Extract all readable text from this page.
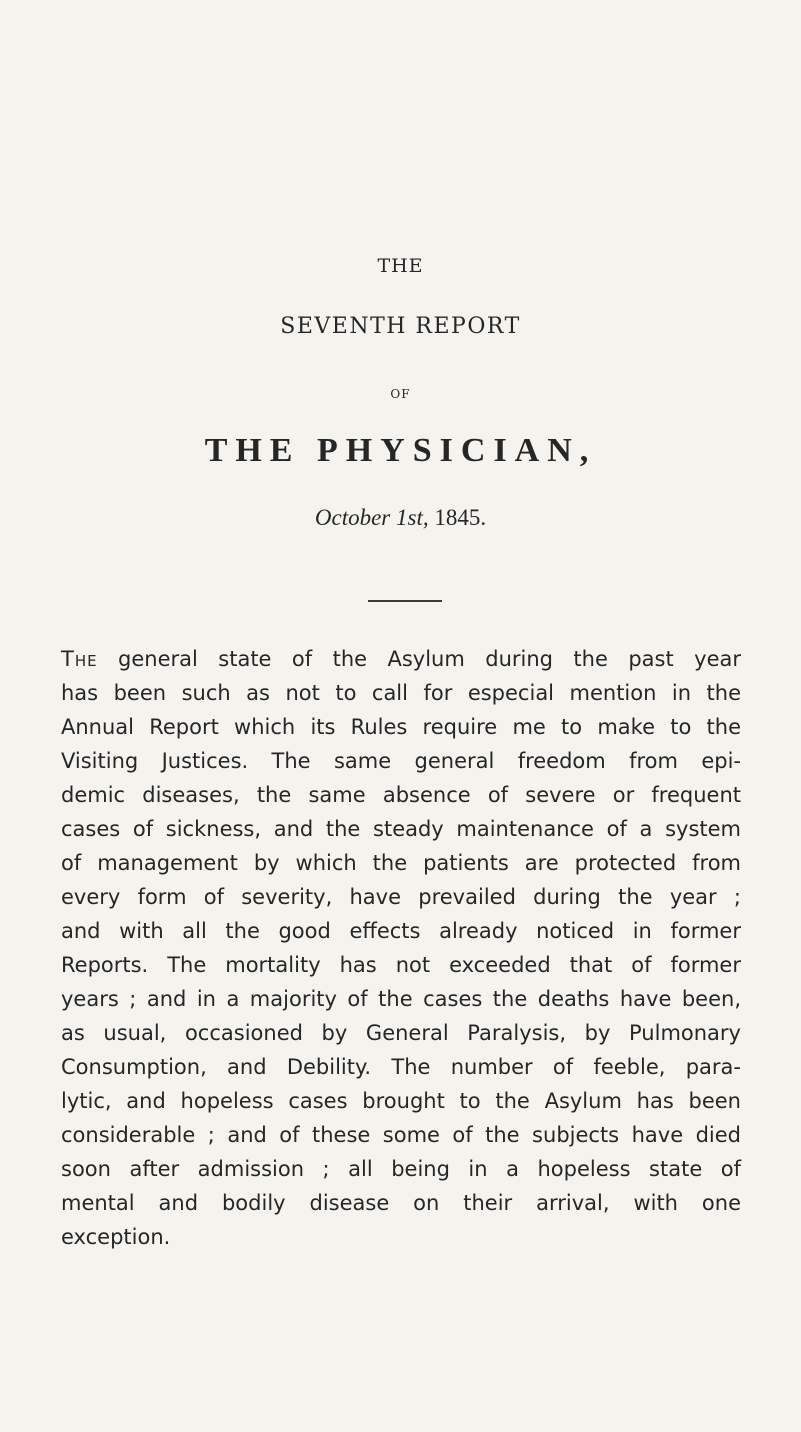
THE
SEVENTH REPORT
OF
THE PHYSICIAN,
October 1st, 1845.
The general state of the Asylum during the past year
has been such as not to call for especial mention in the
Annual Report which its Rules require me to make to the
Visiting Justices. The same general freedom from epi-
demic diseases, the same absence of severe or frequent
cases of sickness, and the steady maintenance of a system
of management by which the patients are protected from
every form of severity, have prevailed during the year ;
and with all the good effects already noticed in former
Reports. The mortality has not exceeded that of former
years ; and in a majority of the cases the deaths have been,
as usual, occasioned by General Paralysis, by Pulmonary
Consumption, and Debility. The number of feeble, para-
lytic, and hopeless cases brought to the Asylum has been
considerable ; and of these some of the subjects have died
soon after admission ; all being in a hopeless state of
mental and bodily disease on their arrival, with one
exception.
